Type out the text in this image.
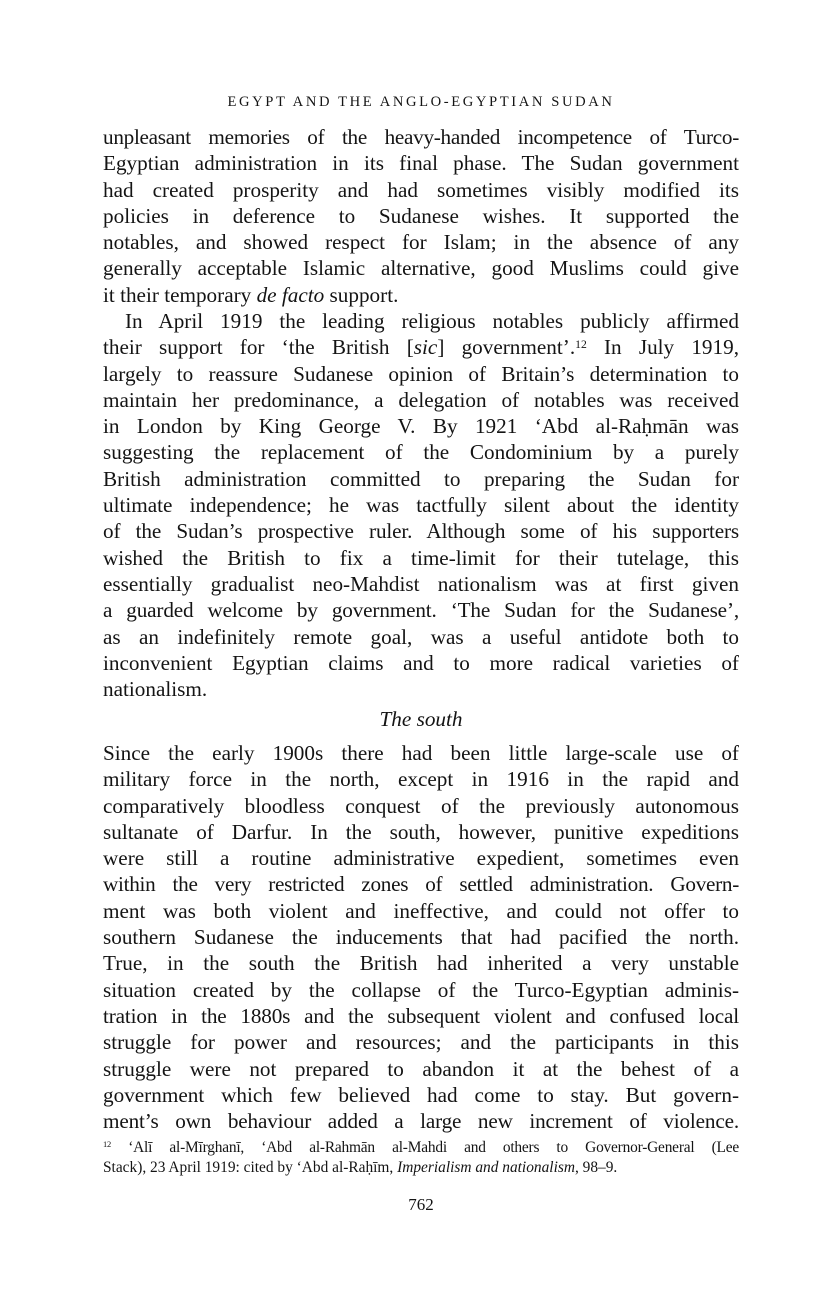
EGYPT AND THE ANGLO-EGYPTIAN SUDAN
unpleasant memories of the heavy-handed incompetence of Turco-
Egyptian administration in its final phase. The Sudan government
had created prosperity and had sometimes visibly modified its
policies in deference to Sudanese wishes. It supported the
notables, and showed respect for Islam; in the absence of any
generally acceptable Islamic alternative, good Muslims could give
it their temporary de facto support.
In April 1919 the leading religious notables publicly affirmed
their support for ‘the British [sic] government’.$^{12}$ In July 1919,
largely to reassure Sudanese opinion of Britain’s determination to
maintain her predominance, a delegation of notables was received
in London by King George V. By 1921 ‘Abd al-Raḥmān was
suggesting the replacement of the Condominium by a purely
British administration committed to preparing the Sudan for
ultimate independence; he was tactfully silent about the identity
of the Sudan’s prospective ruler. Although some of his supporters
wished the British to fix a time-limit for their tutelage, this
essentially gradualist neo-Mahdist nationalism was at first given
a guarded welcome by government. ‘The Sudan for the Sudanese’,
as an indefinitely remote goal, was a useful antidote both to
inconvenient Egyptian claims and to more radical varieties of
nationalism.
The south
Since the early 1900s there had been little large-scale use of
military force in the north, except in 1916 in the rapid and
comparatively bloodless conquest of the previously autonomous
sultanate of Darfur. In the south, however, punitive expeditions
were still a routine administrative expedient, sometimes even
within the very restricted zones of settled administration. Govern-
ment was both violent and ineffective, and could not offer to
southern Sudanese the inducements that had pacified the north.
True, in the south the British had inherited a very unstable
situation created by the collapse of the Turco-Egyptian adminis-
tration in the 1880s and the subsequent violent and confused local
struggle for power and resources; and the participants in this
struggle were not prepared to abandon it at the behest of a
government which few believed had come to stay. But govern-
ment’s own behaviour added a large new increment of violence.
$^{12}$ ‘Alī al-Mīrghanī, ‘Abd al-Rahmān al-Mahdi and others to Governor-General (Lee
Stack), 23 April 1919: cited by ‘Abd al-Raḥīm, Imperialism and nationalism, 98–9.
762
